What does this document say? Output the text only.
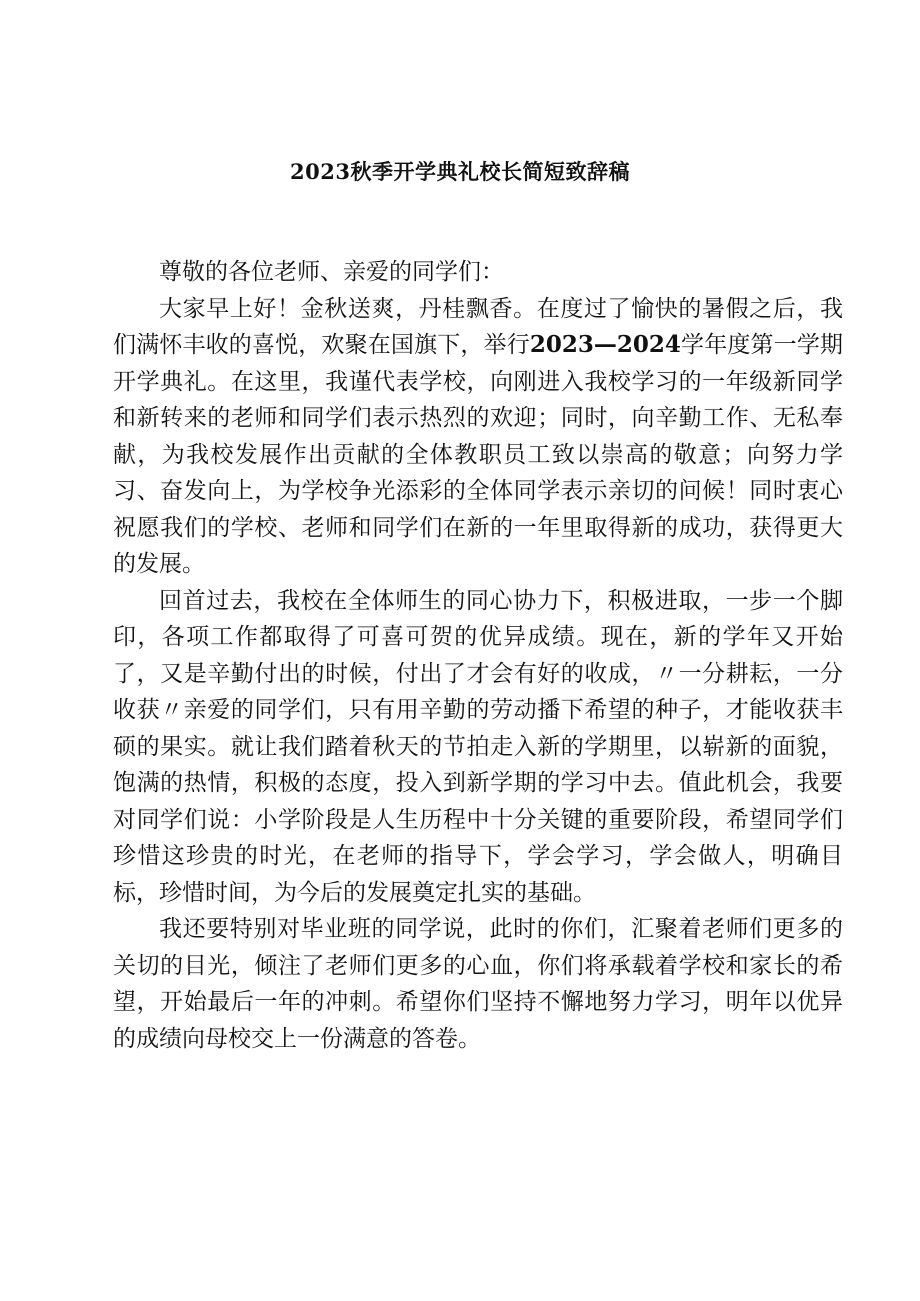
2023秋季开学典礼校长简短致辞稿

尊敬的各位老师、亲爱的同学们：

大家早上好！金秋送爽，丹桂飘香。在度过了愉快的暑假之后，我们满怀丰收的喜悦，欢聚在国旗下，举行2023—2024学年度第一学期开学典礼。在这里，我谨代表学校，向刚进入我校学习的一年级新同学和新转来的老师和同学们表示热烈的欢迎；同时，向辛勤工作、无私奉献，为我校发展作出贡献的全体教职员工致以崇高的敬意；向努力学习、奋发向上，为学校争光添彩的全体同学表示亲切的问候！同时衷心祝愿我们的学校、老师和同学们在新的一年里取得新的成功，获得更大的发展。

回首过去，我校在全体师生的同心协力下，积极进取，一步一个脚印，各项工作都取得了可喜可贺的优异成绩。现在，新的学年又开始了，又是辛勤付出的时候，付出了才会有好的收成，〃一分耕耘，一分收获〃亲爱的同学们，只有用辛勤的劳动播下希望的种子，才能收获丰硕的果实。就让我们踏着秋天的节拍走入新的学期里，以崭新的面貌，饱满的热情，积极的态度，投入到新学期的学习中去。值此机会，我要对同学们说：小学阶段是人生历程中十分关键的重要阶段，希望同学们珍惜这珍贵的时光，在老师的指导下，学会学习，学会做人，明确目标，珍惜时间，为今后的发展奠定扎实的基础。

我还要特别对毕业班的同学说，此时的你们，汇聚着老师们更多的关切的目光，倾注了老师们更多的心血，你们将承载着学校和家长的希望，开始最后一年的冲刺。希望你们坚持不懈地努力学习，明年以优异的成绩向母校交上一份满意的答卷。
